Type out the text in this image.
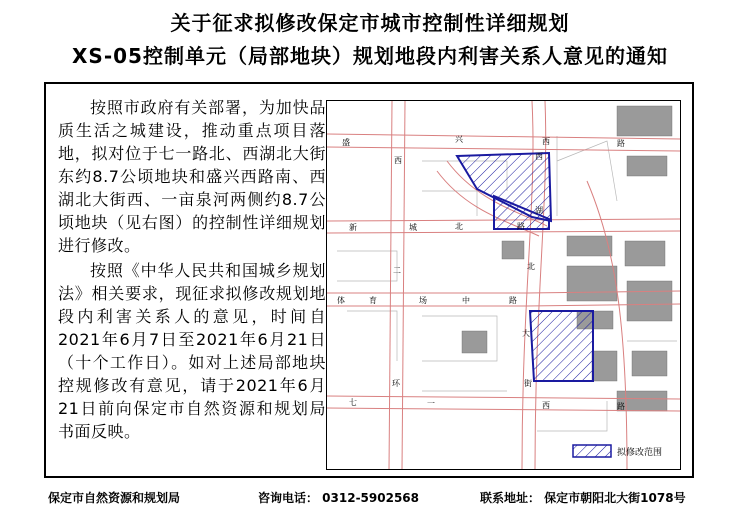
关于征求拟修改保定市城市控制性详细规划
XS-05控制单元（局部地块）规划地段内利害关系人意见的通知

按照市政府有关部署，为加快品质生活之城建设，推动重点项目落地，拟对位于七一路北、西湖北大街东约8.7公顷地块和盛兴西路南、西湖北大街西、一亩泉河两侧约8.7公顷地块（见右图）的控制性详细规划进行修改。

按照《中华人民共和国城乡规划法》相关要求，现征求拟修改规划地段内利害关系人的意见，时间自2021年6月7日至2021年6月21日（十个工作日）。如对上述局部地块控规修改有意见，请于2021年6月21日前向保定市自然资源和规划局书面反映。

盛	兴	西	路
新	城	北	路
体	育	场	中	路
七	一	西	路
西
湖
北
大
街
西
二
环
拟修改范围
保定市自然资源和规划局	咨询电话： 0312-5902568	联系地址： 保定市朝阳北大街1078号
